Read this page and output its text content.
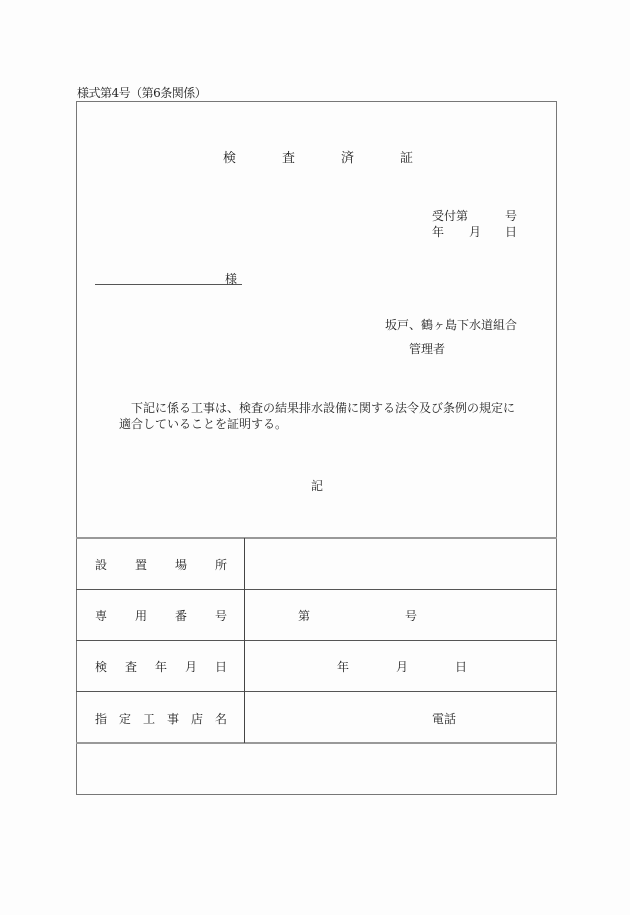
様式第4号（第6条関係）
検	査	済	証
受付第	号
年 月 日
様
坂戸、鶴ヶ島下水道組合
管理者
　下記に係る工事は、検査の結果排水設備に関する法令及び条例の規定に
適合していることを証明する。
記
設 置 場 所
専 用 番 号	第	号
検 査 年 月 日	年	月	日
指 定 工 事 店 名	電話
